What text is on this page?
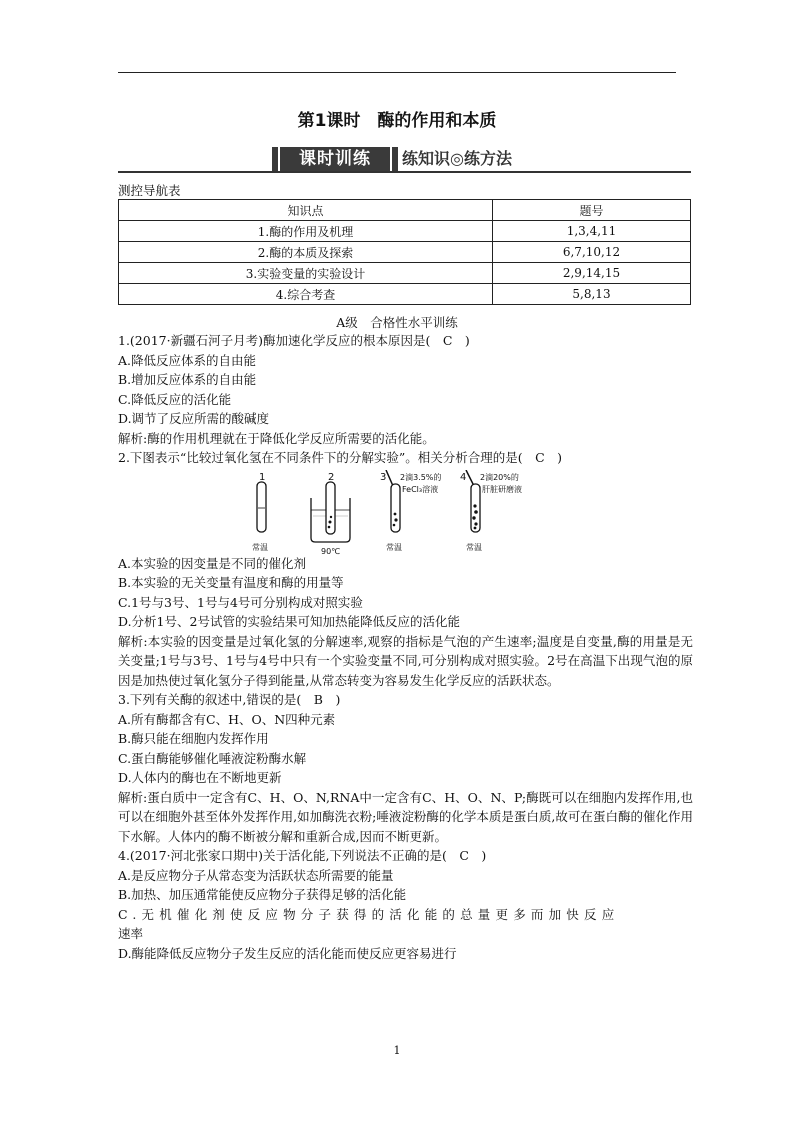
第1课时　酶的作用和本质
课时训练	练知识◎练方法
测控导航表
知识点	题号
1.酶的作用及机理	1,3,4,11
2.酶的本质及探索	6,7,10,12
3.实验变量的实验设计	2,9,14,15
4.综合考查	5,8,13
A级　合格性水平训练

1.(2017·新疆石河子月考)酶加速化学反应的根本原因是(　C　)

A.降低反应体系的自由能

B.增加反应体系的自由能

C.降低反应的活化能

D.调节了反应所需的酸碱度

解析:酶的作用机理就在于降低化学反应所需要的活化能。

2.下图表示“比较过氧化氢在不同条件下的分解实验”。相关分析合理的是(　C　)

1	2	3	4
2滴3.5%的
FeCl₃溶液
2滴20%的
肝脏研磨液
常温	90℃	常温	常温

A.本实验的因变量是不同的催化剂

B.本实验的无关变量有温度和酶的用量等

C.1号与3号、1号与4号可分别构成对照实验

D.分析1号、2号试管的实验结果可知加热能降低反应的活化能

解析:本实验的因变量是过氧化氢的分解速率,观察的指标是气泡的产生速率;温度是自变量,酶的用量是无关变量;1号与3号、1号与4号中只有一个实验变量不同,可分别构成对照实验。2号在高温下出现气泡的原因是加热使过氧化氢分子得到能量,从常态转变为容易发生化学反应的活跃状态。

3.下列有关酶的叙述中,错误的是(　B　)

A.所有酶都含有C、H、O、N四种元素

B.酶只能在细胞内发挥作用

C.蛋白酶能够催化唾液淀粉酶水解

D.人体内的酶也在不断地更新

解析:蛋白质中一定含有C、H、O、N,RNA中一定含有C、H、O、N、P;酶既可以在细胞内发挥作用,也可以在细胞外甚至体外发挥作用,如加酶洗衣粉;唾液淀粉酶的化学本质是蛋白质,故可在蛋白酶的催化作用下水解。人体内的酶不断被分解和重新合成,因而不断更新。

4.(2017·河北张家口期中)关于活化能,下列说法不正确的是(　C　)

A.是反应物分子从常态变为活跃状态所需要的能量

B.加热、加压通常能使反应物分子获得足够的活化能

C.无机催化剂使反应物分子获得的活化能的总量更多而加快反应

速率

D.酶能降低反应物分子发生反应的活化能而使反应更容易进行

1
